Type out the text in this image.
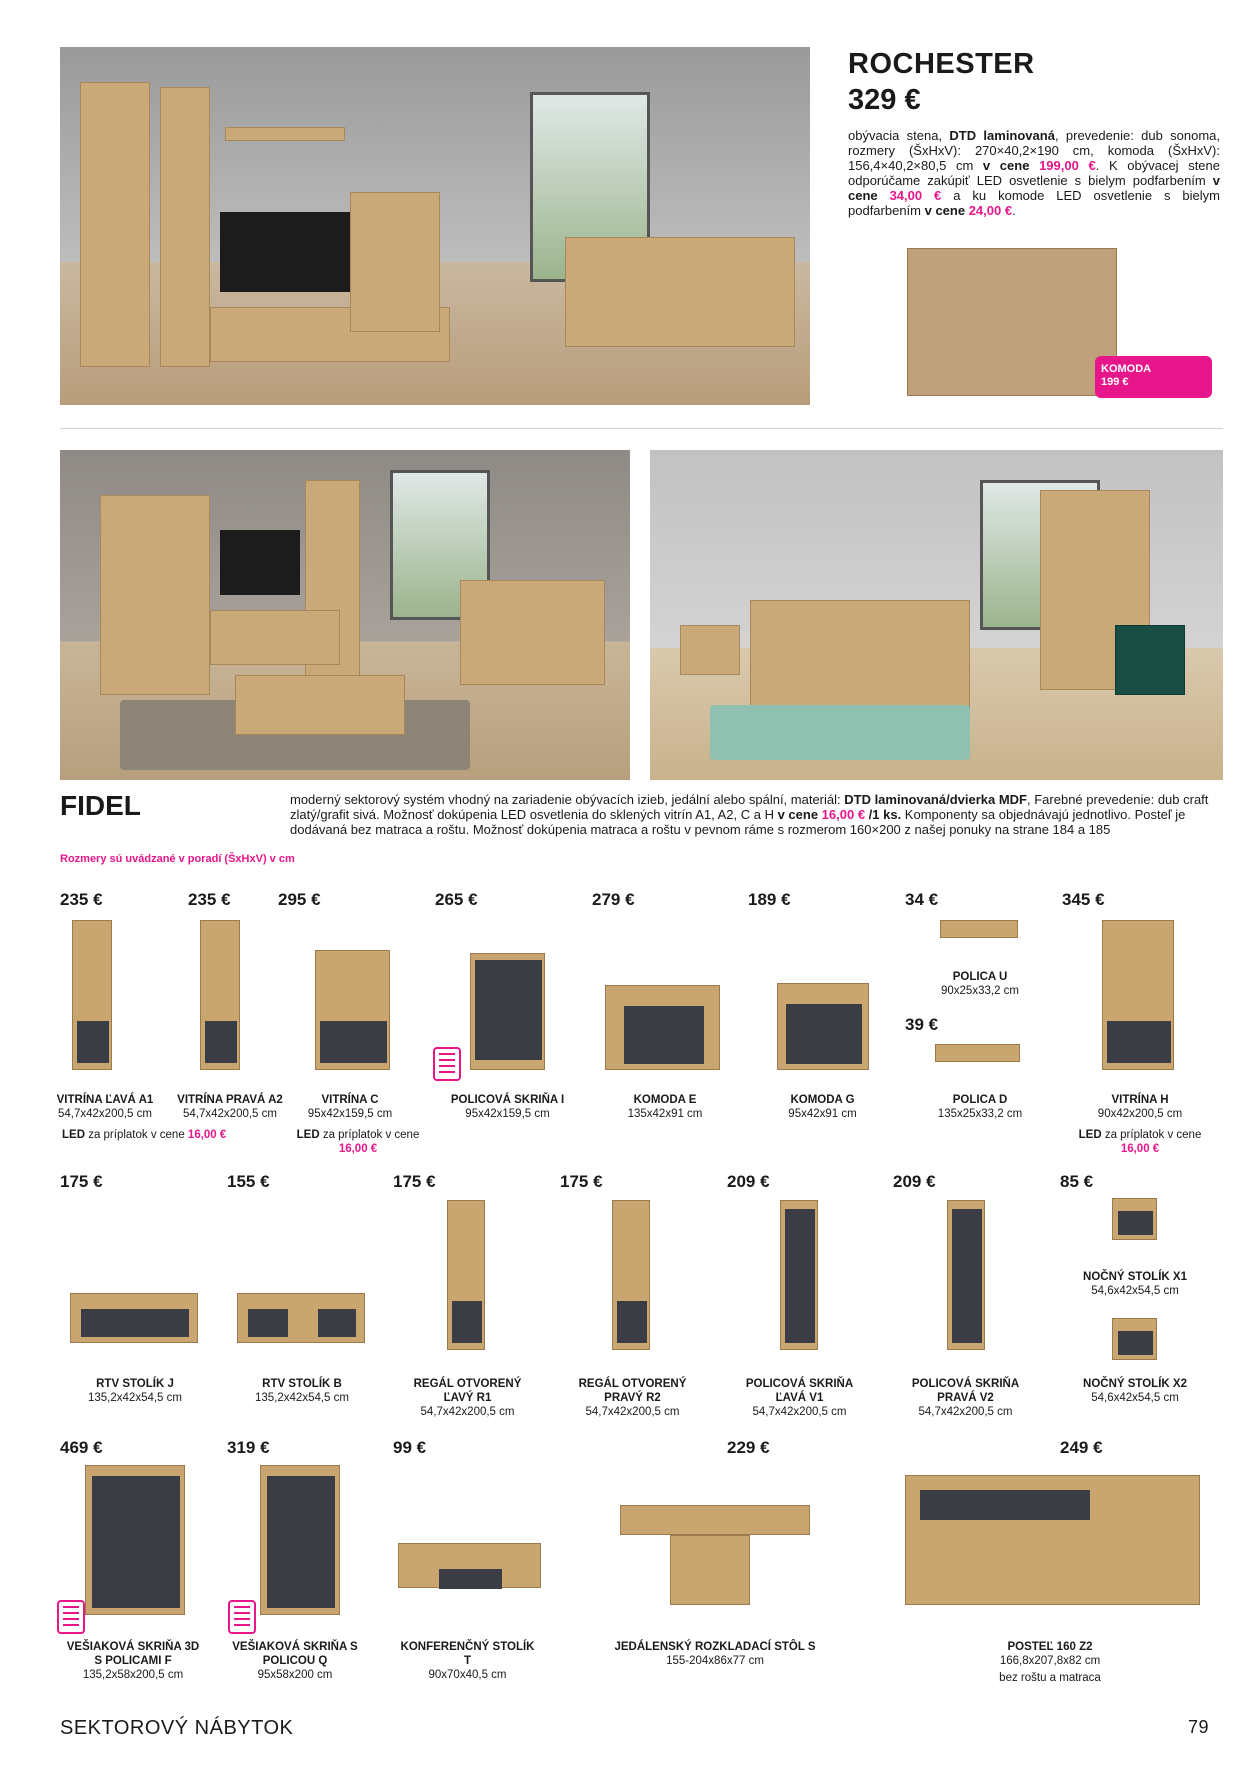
ROCHESTER
329 €
obývacia stena, DTD laminovaná, prevedenie: dub sonoma, rozmery (ŠxHxV): 270×40,2×190 cm, komoda (ŠxHxV): 156,4×40,2×80,5 cm v cene 199,00 €. K obývacej stene odporúčame zakúpiť LED osvetlenie s bielym podfarbením v cene 34,00 € a ku komode LED osvetlenie s bielym podfarbením v cene 24,00 €.
KOMODA
199 €
FIDEL	moderný sektorový systém vhodný na zariadenie obývacích izieb, jedální alebo spální, materiál: DTD laminovaná/dvierka MDF, Farebné prevedenie: dub craft zlatý/grafit sivá. Možnosť dokúpenia LED osvetlenia do sklených vitrín A1, A2, C a H v cene 16,00 € /1 ks. Komponenty sa objednávajú jednotlivo. Posteľ je dodávaná bez matraca a roštu. Možnosť dokúpenia matraca a roštu v pevnom ráme s rozmerom 160×200 z našej ponuky na strane 184 a 185
Rozmery sú uvádzané v poradí (ŠxHxV) v cm
235 €	235 €	295 €	265 €	279 €	189 €	34 €
39 €
345 €
VITRÍNA ĽAVÁ A1
54,7x42x200,5 cm
VITRÍNA PRAVÁ A2
54,7x42x200,5 cm
VITRÍNA C
95x42x159,5 cm
POLICOVÁ SKRIŇA I
95x42x159,5 cm
KOMODA E
135x42x91 cm
KOMODA G
95x42x91 cm
POLICA U
90x25x33,2 cm
POLICA D
135x25x33,2 cm
VITRÍNA H
90x42x200,5 cm
LED za príplatok v cene 16,00 €	LED za príplatok v cene
16,00 €
LED za príplatok v cene
16,00 €
175 €	155 €	175 €	175 €	209 €	209 €	85 €
RTV STOLÍK J
135,2x42x54,5 cm
RTV STOLÍK B
135,2x42x54,5 cm
REGÁL OTVORENÝ
ĽAVÝ R1
54,7x42x200,5 cm
REGÁL OTVORENÝ
PRAVÝ R2
54,7x42x200,5 cm
POLICOVÁ SKRIŇA
ĽAVÁ V1
54,7x42x200,5 cm
POLICOVÁ SKRIŇA
PRAVÁ V2
54,7x42x200,5 cm
NOČNÝ STOLÍK X1
54,6x42x54,5 cm
NOČNÝ STOLÍK X2
54,6x42x54,5 cm
469 €	319 €	99 €	229 €	249 €
VEŠIAKOVÁ SKRIŇA 3D
S POLICAMI F
135,2x58x200,5 cm
VEŠIAKOVÁ SKRIŇA S
POLICOU Q
95x58x200 cm
KONFERENČNÝ STOLÍK
T
90x70x40,5 cm
JEDÁLENSKÝ ROZKLADACÍ STÔL S
155-204x86x77 cm
POSTEĽ 160 Z2
166,8x207,8x82 cm
bez roštu a matraca
SEKTOROVÝ NÁBYTOK	79
